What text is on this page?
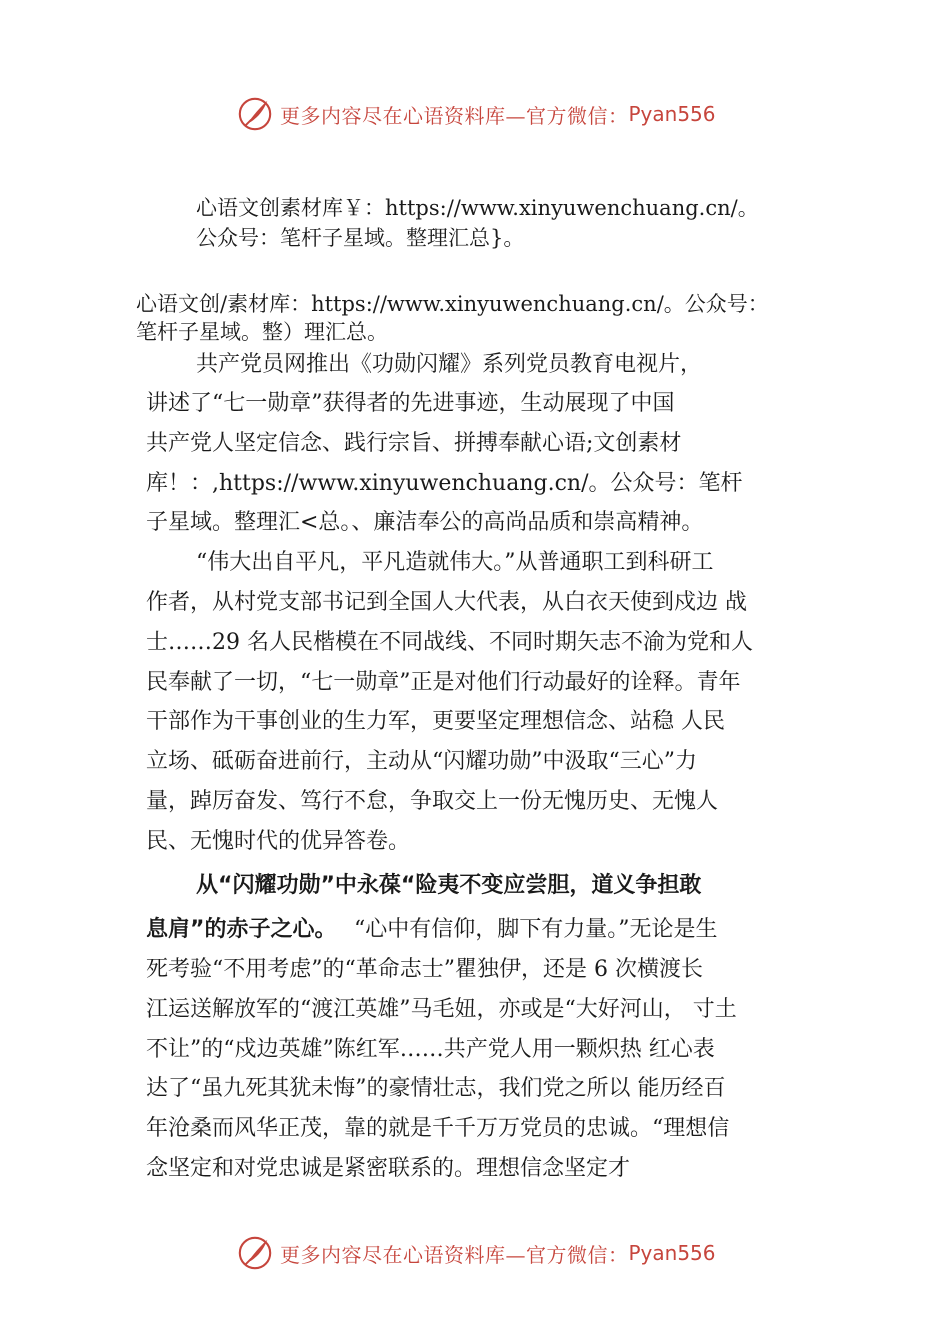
更多内容尽在心语资料库—官方微信： Pyan556
心语文创素材库￥：https://www.xinyuwenchuang.cn/。
公众号：笔杆子星域。整理汇总}。
心语文创/素材库：https://www.xinyuwenchuang.cn/。公众号：
笔杆子星域。整）理汇总。
共产党员网推出《功勋闪耀》系列党员教育电视片，
讲述了“七一勋章”获得者的先进事迹，生动展现了中国
共产党人坚定信念、践行宗旨、拼搏奉献心语;文创素材
库！：,https://www.xinyuwenchuang.cn/。公众号：笔杆
子星域。整理汇<总。、廉洁奉公的高尚品质和崇高精神。
“伟大出自平凡，平凡造就伟大。”从普通职工到科研工
作者，从村党支部书记到全国人大代表，从白衣天使到戍边 战
士……29 名人民楷模在不同战线、不同时期矢志不渝为党和人
民奉献了一切，“七一勋章”正是对他们行动最好的诠释。青年
干部作为干事创业的生力军，更要坚定理想信念、站稳 人民
立场、砥砺奋进前行，主动从“闪耀功勋”中汲取“三心”力
量，踔厉奋发、笃行不怠，争取交上一份无愧历史、无愧人
民、无愧时代的优异答卷。
从“闪耀功勋”中永葆“险夷不变应尝胆，道义争担敢
息肩”的赤子之心。 “心中有信仰，脚下有力量。”无论是生
死考验“不用考虑”的“革命志士”瞿独伊，还是 6 次横渡长
江运送解放军的“渡江英雄”马毛妞，亦或是“大好河山， 寸土
不让”的“戍边英雄”陈红军……共产党人用一颗炽热 红心表
达了“虽九死其犹未悔”的豪情壮志，我们党之所以 能历经百
年沧桑而风华正茂，靠的就是千千万万党员的忠诚。“理想信
念坚定和对党忠诚是紧密联系的。理想信念坚定才
更多内容尽在心语资料库—官方微信： Pyan556
